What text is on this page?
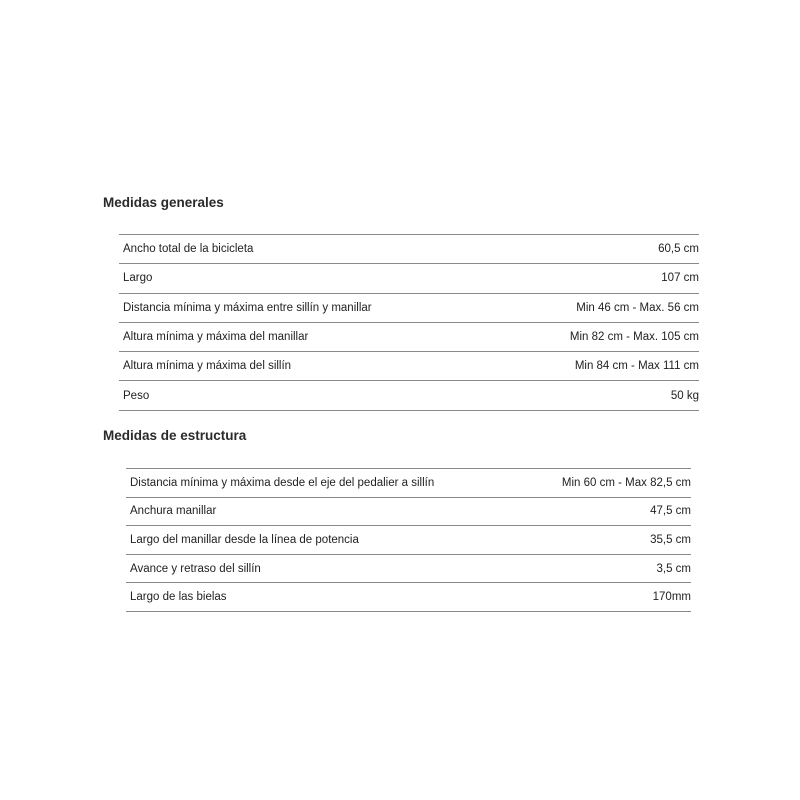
Medidas generales
Ancho total de la bicicleta	60,5 cm
Largo	107 cm
Distancia mínima y máxima entre sillín y manillar	Min 46 cm - Max. 56 cm
Altura mínima y máxima del manillar	Min 82 cm - Max. 105 cm
Altura mínima y máxima del sillín	Min 84 cm - Max 111 cm
Peso	50 kg
Medidas de estructura
Distancia mínima y máxima desde el eje del pedalier a sillín	Min 60 cm - Max 82,5 cm
Anchura manillar	47,5 cm
Largo del manillar desde la línea de potencia	35,5 cm
Avance y retraso del sillín	3,5 cm
Largo de las bielas	170mm
